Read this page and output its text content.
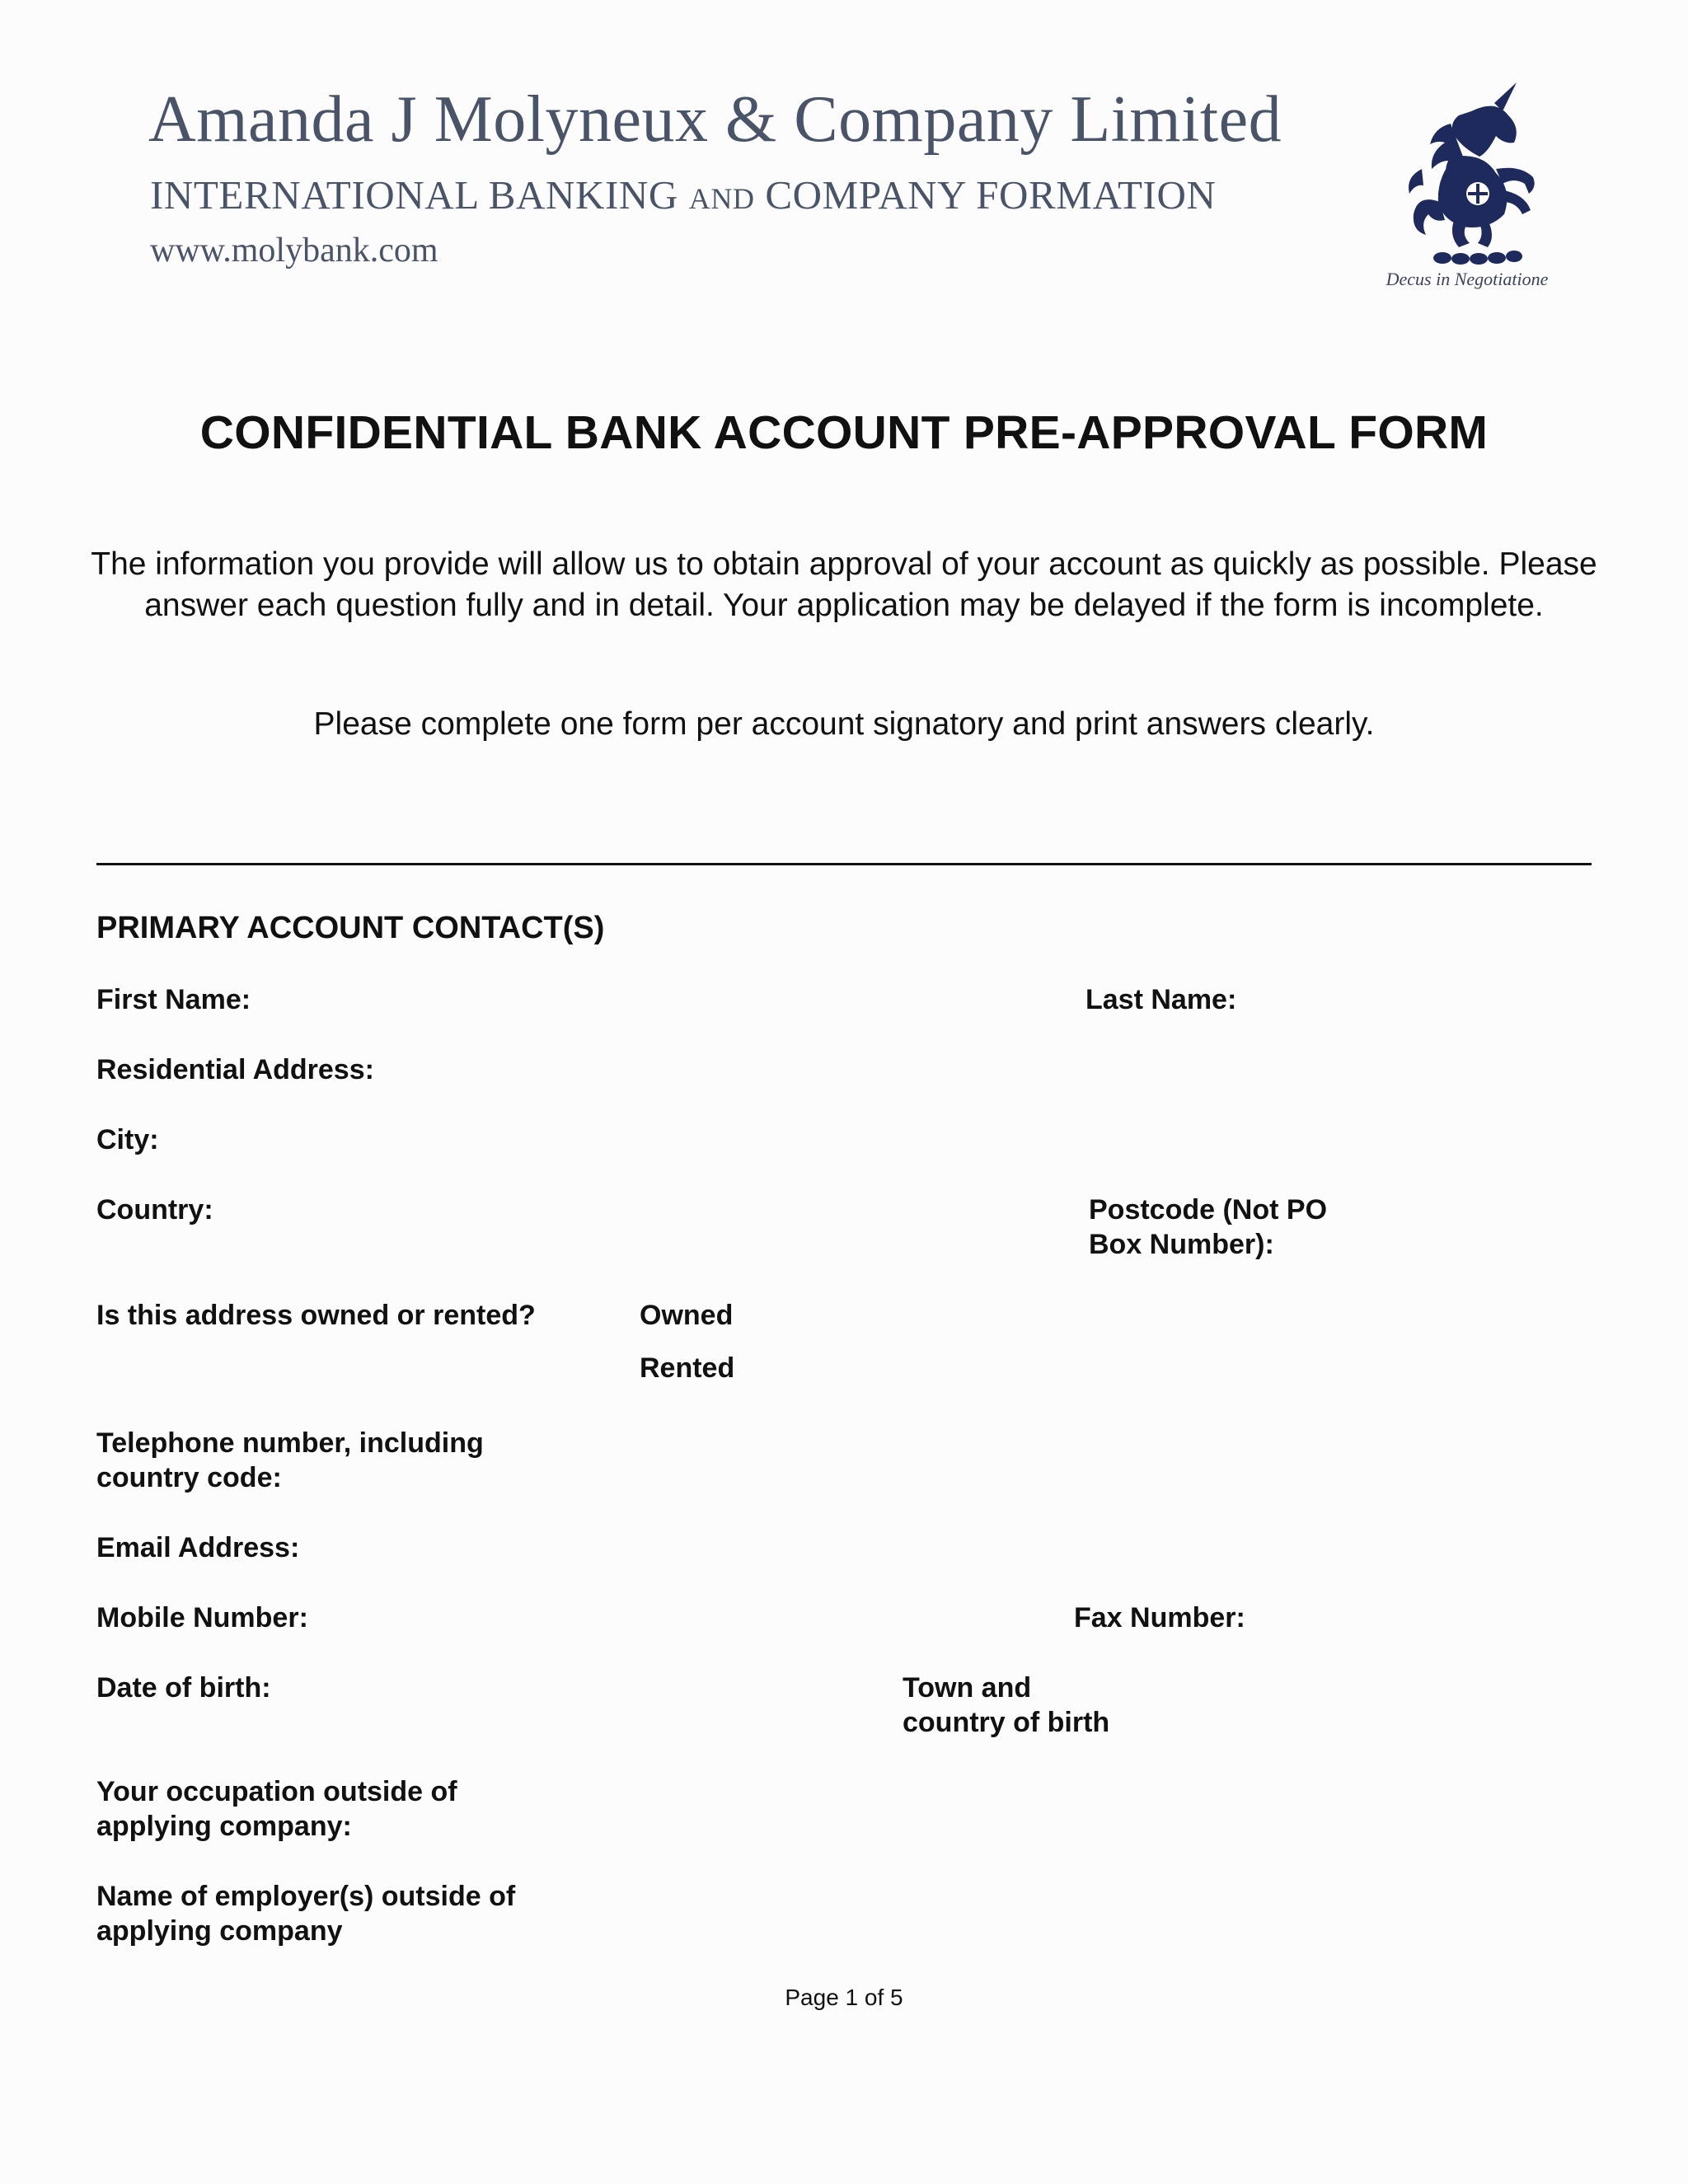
Amanda J Molyneux & Company Limited
INTERNATIONAL BANKING AND COMPANY FORMATION
www.molybank.com
Decus in Negotiatione
CONFIDENTIAL BANK ACCOUNT PRE-APPROVAL FORM
The information you provide will allow us to obtain approval of your account as quickly as possible. Please answer each question fully and in detail. Your application may be delayed if the form is incomplete.
Please complete one form per account signatory and print answers clearly.
PRIMARY ACCOUNT CONTACT(S)
First Name:	Last Name:
Residential Address:
City:
Country:	Postcode (Not PO
Box Number):
Is this address owned or rented?	Owned
Rented
Telephone number, including
country code:
Email Address:
Mobile Number:	Fax Number:
Date of birth:	Town and
country of birth
Your occupation outside of
applying company:
Name of employer(s) outside of
applying company
Page 1 of 5
